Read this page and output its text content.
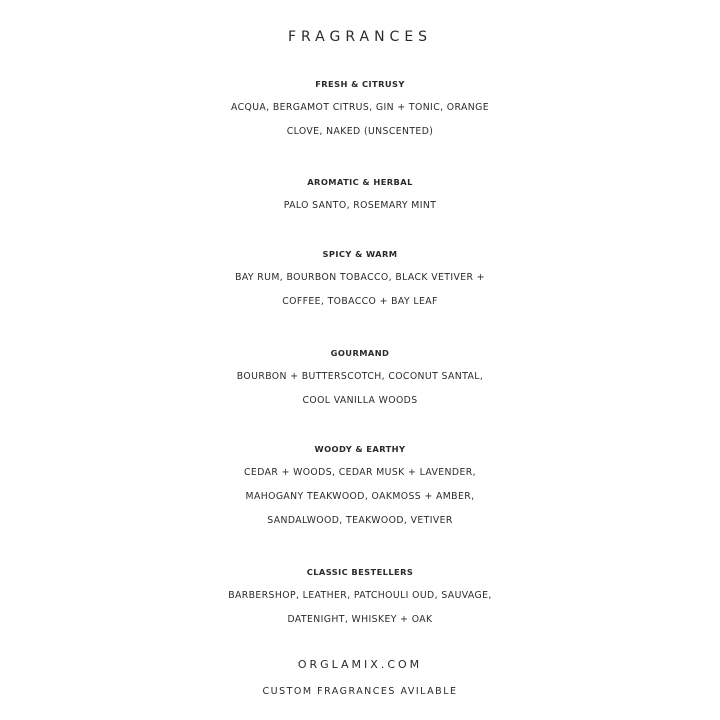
FRAGRANCES
FRESH & CITRUSY
ACQUA, BERGAMOT CITRUS, GIN + TONIC, ORANGE
CLOVE, NAKED (UNSCENTED)
AROMATIC & HERBAL
PALO SANTO, ROSEMARY MINT
SPICY & WARM
BAY RUM, BOURBON TOBACCO, BLACK VETIVER +
COFFEE, TOBACCO + BAY LEAF
GOURMAND
BOURBON + BUTTERSCOTCH, COCONUT SANTAL,
COOL VANILLA WOODS
WOODY & EARTHY
CEDAR + WOODS, CEDAR MUSK + LAVENDER,
MAHOGANY TEAKWOOD, OAKMOSS + AMBER,
SANDALWOOD, TEAKWOOD, VETIVER
CLASSIC BESTELLERS
BARBERSHOP, LEATHER, PATCHOULI OUD, SAUVAGE,
DATENIGHT, WHISKEY + OAK
ORGLAMIX.COM
CUSTOM FRAGRANCES AVILABLE
